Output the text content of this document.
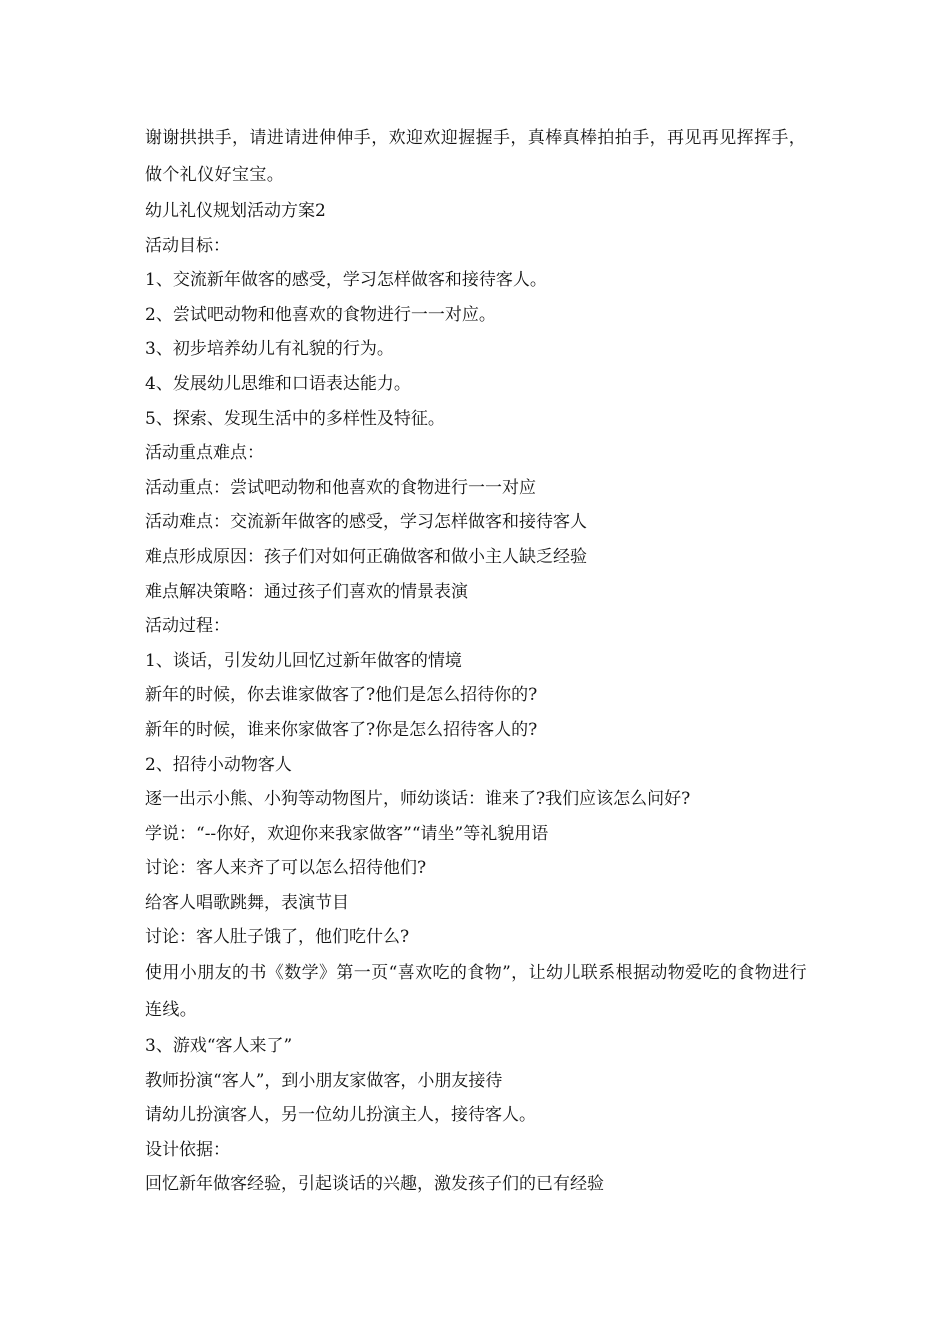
谢谢拱拱手，请进请进伸伸手，欢迎欢迎握握手，真棒真棒拍拍手，再见再见挥挥手，做个礼仪好宝宝。

幼儿礼仪规划活动方案2

活动目标：

1、交流新年做客的感受，学习怎样做客和接待客人。

2、尝试吧动物和他喜欢的食物进行一一对应。

3、初步培养幼儿有礼貌的行为。

4、发展幼儿思维和口语表达能力。

5、探索、发现生活中的多样性及特征。

活动重点难点：

活动重点：尝试吧动物和他喜欢的食物进行一一对应

活动难点：交流新年做客的感受，学习怎样做客和接待客人

难点形成原因：孩子们对如何正确做客和做小主人缺乏经验

难点解决策略：通过孩子们喜欢的情景表演

活动过程：

1、谈话，引发幼儿回忆过新年做客的情境

新年的时候，你去谁家做客了?他们是怎么招待你的?

新年的时候，谁来你家做客了?你是怎么招待客人的?

2、招待小动物客人

逐一出示小熊、小狗等动物图片，师幼谈话：谁来了?我们应该怎么问好?

学说：“--你好，欢迎你来我家做客”“请坐”等礼貌用语

讨论：客人来齐了可以怎么招待他们?

给客人唱歌跳舞，表演节目

讨论：客人肚子饿了，他们吃什么?

使用小朋友的书《数学》第一页“喜欢吃的食物”，让幼儿联系根据动物爱吃的食物进行连线。

3、游戏“客人来了”

教师扮演“客人”，到小朋友家做客，小朋友接待

请幼儿扮演客人，另一位幼儿扮演主人，接待客人。

设计依据：

回忆新年做客经验，引起谈话的兴趣，激发孩子们的已有经验
